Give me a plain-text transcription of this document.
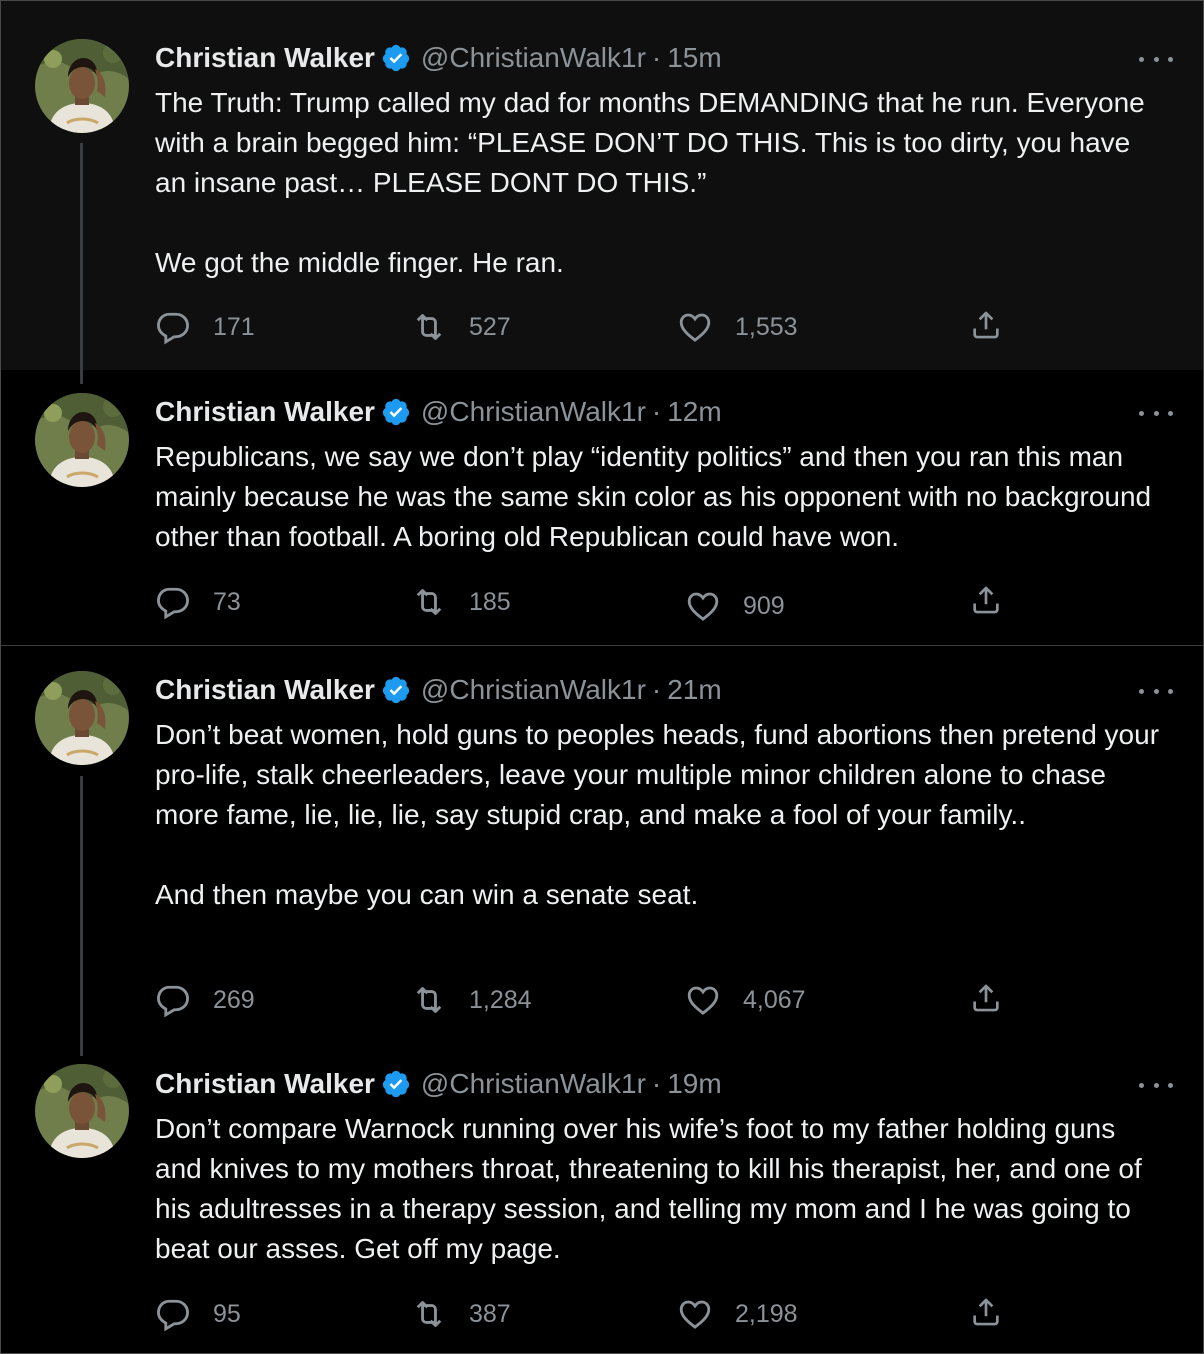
Christian Walker @ChristianWalk1r · 15m
The Truth: Trump called my dad for months DEMANDING that he run. Everyone with a brain begged him: “PLEASE DON’T DO THIS. This is too dirty, you have an insane past… PLEASE DONT DO THIS.”

We got the middle finger. He ran.
171	527	1,553
Christian Walker @ChristianWalk1r · 12m
Republicans, we say we don’t play “identity politics” and then you ran this man mainly because he was the same skin color as his opponent with no background other than football. A boring old Republican could have won.
73	185	909
Christian Walker @ChristianWalk1r · 21m
Don’t beat women, hold guns to peoples heads, fund abortions then pretend your pro-life, stalk cheerleaders, leave your multiple minor children alone to chase more fame, lie, lie, lie, say stupid crap, and make a fool of your family..

And then maybe you can win a senate seat.
269	1,284	4,067
Christian Walker @ChristianWalk1r · 19m
Don’t compare Warnock running over his wife’s foot to my father holding guns and knives to my mothers throat, threatening to kill his therapist, her, and one of his adultresses in a therapy session, and telling my mom and I he was going to beat our asses. Get off my page.
95	387	2,198
